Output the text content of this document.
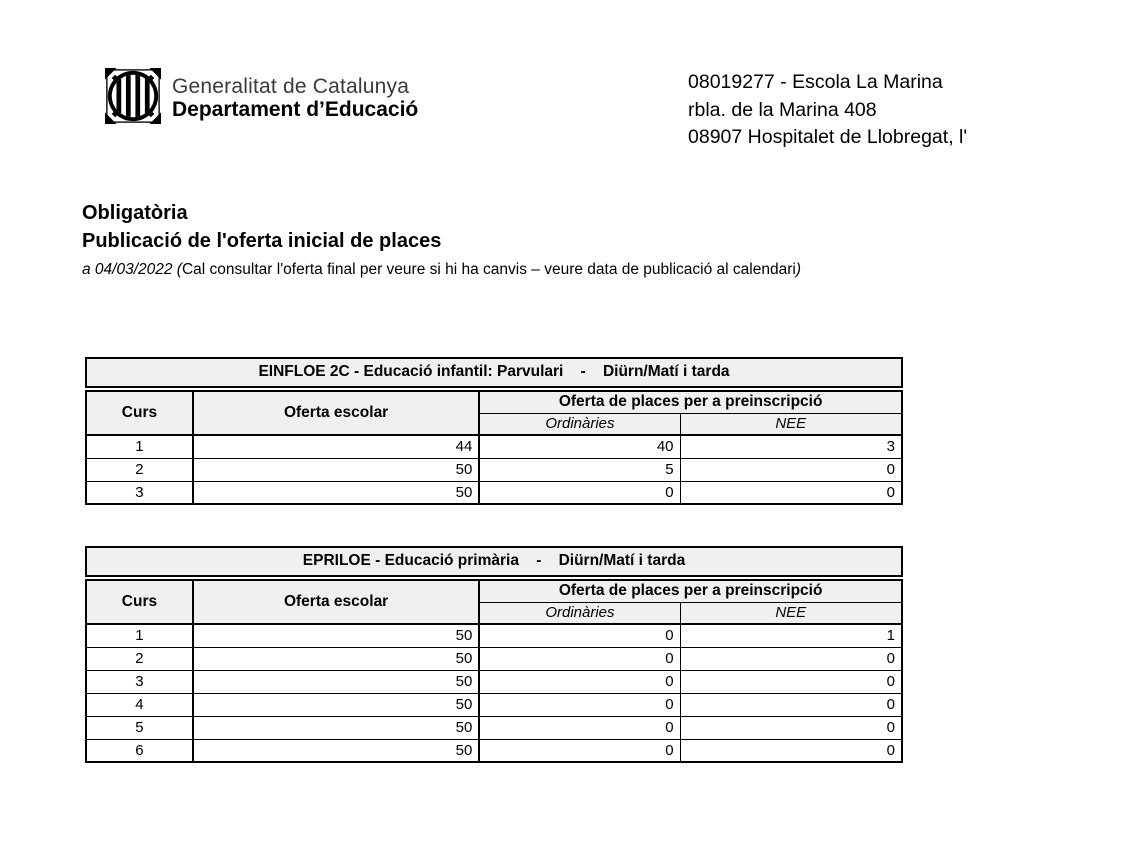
Generalitat de Catalunya
Departament d’Educació
08019277 - Escola La Marina
rbla. de la Marina 408
08907 Hospitalet de Llobregat, l'
Obligatòria
Publicació de l'oferta inicial de places
a 04/03/2022 (Cal consultar l'oferta final per veure si hi ha canvis – veure data de publicació al calendari)
EINFLOE 2C - Educació infantil: Parvulari    -    Diürn/Matí i tarda
Curs	Oferta escolar	Oferta de places per a preinscripció	
		Ordinàries	NEE
1	44	40	3
2	50	5	0
3	50	0	0
EPRILOE - Educació primària    -    Diürn/Matí i tarda
Curs	Oferta escolar	Oferta de places per a preinscripció	
		Ordinàries	NEE
1	50	0	1
2	50	0	0
3	50	0	0
4	50	0	0
5	50	0	0
6	50	0	0
